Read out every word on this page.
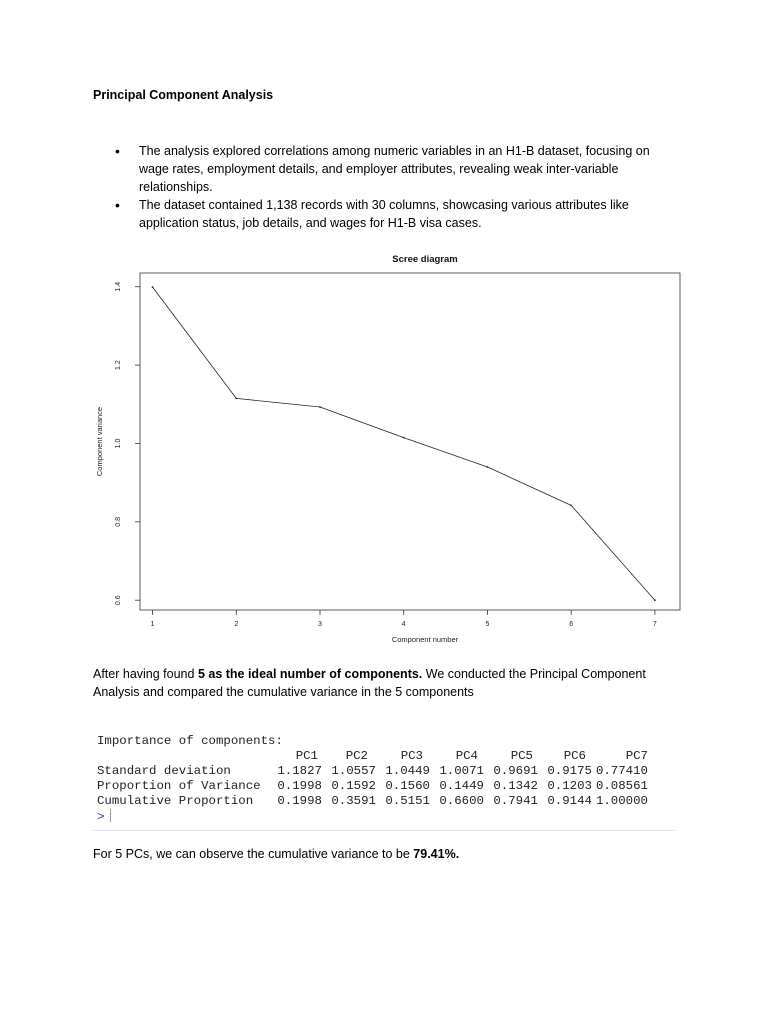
Principal Component Analysis
• The analysis explored correlations among numeric variables in an H1-B dataset, focusing on wage rates, employment details, and employer attributes, revealing weak inter-variable relationships.
• The dataset contained 1,138 records with 30 columns, showcasing various attributes like application status, job details, and wages for H1-B visa cases.
Scree diagram
1	2	3	4	5	6	7
0.6
0.8
1.0
1.2
1.4
Component number
Component variance
After having found 5 as the ideal number of components. We conducted the Principal Component Analysis and compared the cumulative variance in the 5 components
Importance of components:
PC1 PC2	PC3	PC4	PC5 PC6	PC7
Standard deviation	1.1827 1.0557 1.0449 1.0071 0.9691 0.9175 0.77410
Proportion of Variance	0.1998 0.1592 0.1560 0.1449 0.1342 0.1203 0.08561
Cumulative Proportion	0.1998 0.3591 0.5151 0.6600 0.7941 0.9144 1.00000
>
For 5 PCs, we can observe the cumulative variance to be 79.41%.
